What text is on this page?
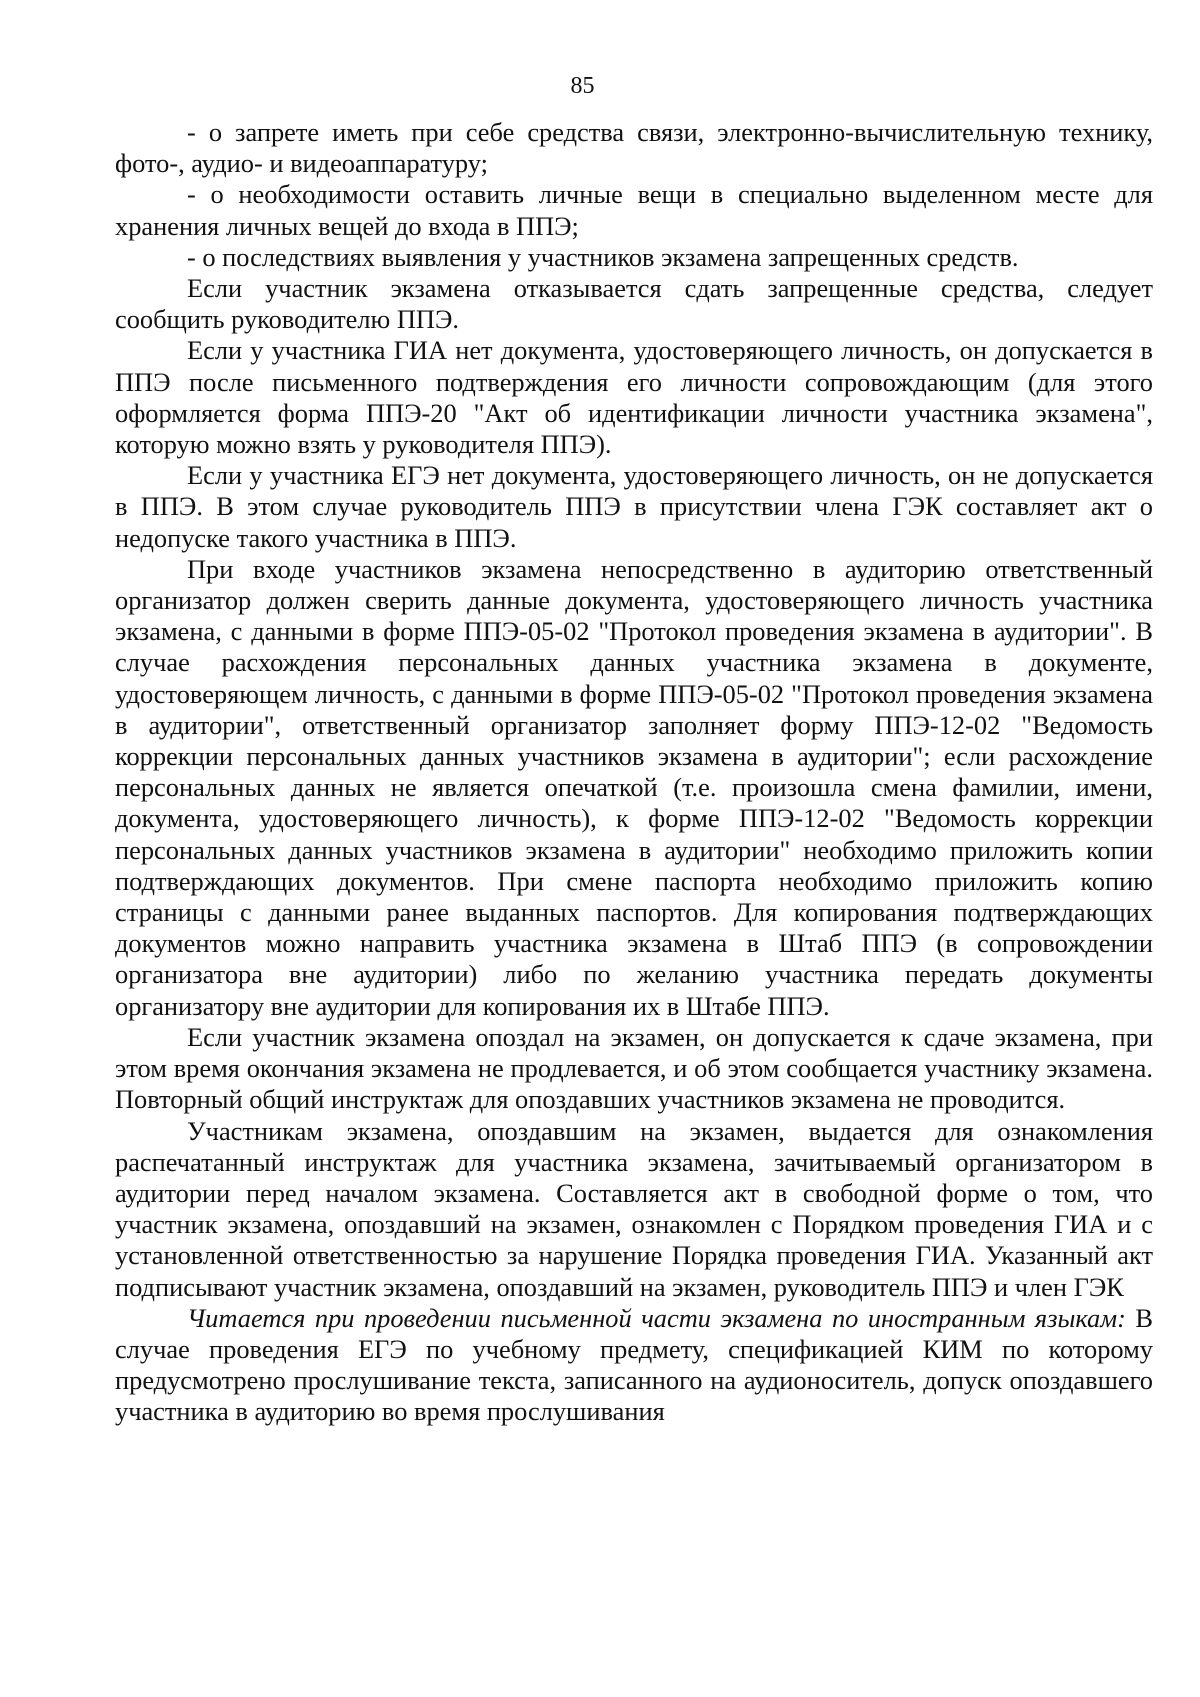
85

- о запрете иметь при себе средства связи, электронно-вычислительную технику, фото-, аудио- и видеоаппаратуру;

- о необходимости оставить личные вещи в специально выделенном месте для хранения личных вещей до входа в ППЭ;

- о последствиях выявления у участников экзамена запрещенных средств.

Если участник экзамена отказывается сдать запрещенные средства, следует сообщить руководителю ППЭ.

Если у участника ГИА нет документа, удостоверяющего личность, он допускается в ППЭ после письменного подтверждения его личности сопровождающим (для этого оформляется форма ППЭ-20 "Акт об идентификации личности участника экзамена", которую можно взять у руководителя ППЭ).

Если у участника ЕГЭ нет документа, удостоверяющего личность, он не допускается в ППЭ. В этом случае руководитель ППЭ в присутствии члена ГЭК составляет акт о недопуске такого участника в ППЭ.

При входе участников экзамена непосредственно в аудиторию ответственный организатор должен сверить данные документа, удостоверяющего личность участника экзамена, с данными в форме ППЭ-05-02 "Протокол проведения экзамена в аудитории". В случае расхождения персональных данных участника экзамена в документе, удостоверяющем личность, с данными в форме ППЭ-05-02 "Протокол проведения экзамена в аудитории", ответственный организатор заполняет форму ППЭ-12-02 "Ведомость коррекции персональных данных участников экзамена в аудитории"; если расхождение персональных данных не является опечаткой (т.е. произошла смена фамилии, имени, документа, удостоверяющего личность), к форме ППЭ-12-02 "Ведомость коррекции персональных данных участников экзамена в аудитории" необходимо приложить копии подтверждающих документов. При смене паспорта необходимо приложить копию страницы с данными ранее выданных паспортов. Для копирования подтверждающих документов можно направить участника экзамена в Штаб ППЭ (в сопровождении организатора вне аудитории) либо по желанию участника передать документы организатору вне аудитории для копирования их в Штабе ППЭ.

Если участник экзамена опоздал на экзамен, он допускается к сдаче экзамена, при этом время окончания экзамена не продлевается, и об этом сообщается участнику экзамена. Повторный общий инструктаж для опоздавших участников экзамена не проводится.

Участникам экзамена, опоздавшим на экзамен, выдается для ознакомления распечатанный инструктаж для участника экзамена, зачитываемый организатором в аудитории перед началом экзамена. Составляется акт в свободной форме о том, что участник экзамена, опоздавший на экзамен, ознакомлен с Порядком проведения ГИА и с установленной ответственностью за нарушение Порядка проведения ГИА. Указанный акт подписывают участник экзамена, опоздавший на экзамен, руководитель ППЭ и член ГЭК

Читается при проведении письменной части экзамена по иностранным языкам: В случае проведения ЕГЭ по учебному предмету, спецификацией КИМ по которому предусмотрено прослушивание текста, записанного на аудионоситель, допуск опоздавшего участника в аудиторию во время прослушивания
